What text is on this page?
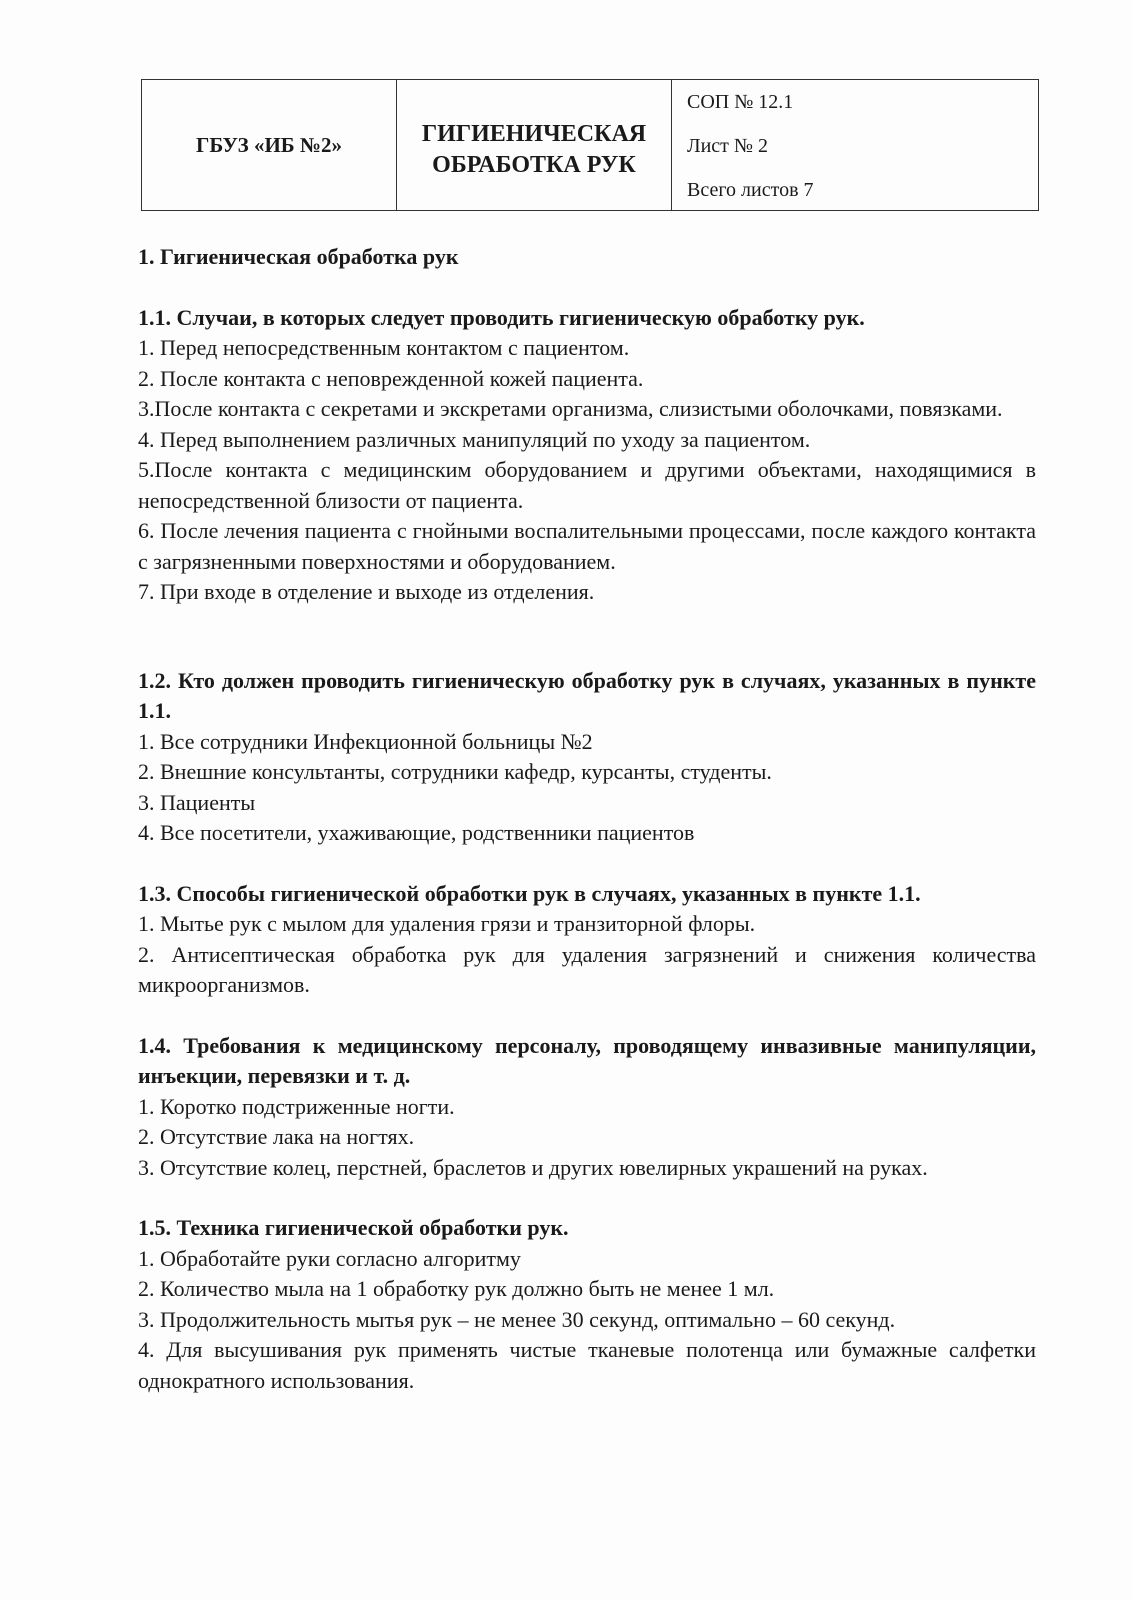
ГБУЗ «ИБ №2»	ГИГИЕНИЧЕСКАЯ
ОБРАБОТКА РУК
СОП № 12.1
Лист № 2
Всего листов 7

1. Гигиеническая обработка рук

1.1. Случаи, в которых следует проводить гигиеническую обработку рук.

1. Перед непосредственным контактом с пациентом.

2. После контакта с неповрежденной кожей пациента.

3.После контакта с секретами и экскретами организма, слизистыми оболочками, повязками.

4. Перед выполнением различных манипуляций по уходу за пациентом.

5.После контакта с медицинским оборудованием и другими объектами, находящимися в непосредственной близости от пациента.

6. После лечения пациента с гнойными воспалительными процессами, после каждого контакта с загрязненными поверхностями и оборудованием.

7. При входе в отделение и выходе из отделения.

1.2. Кто должен проводить гигиеническую обработку рук в случаях, указанных в пункте 1.1.

1. Все сотрудники Инфекционной больницы №2

2. Внешние консультанты, сотрудники кафедр, курсанты, студенты.

3. Пациенты

4. Все посетители, ухаживающие, родственники пациентов

1.3. Способы гигиенической обработки рук в случаях, указанных в пункте 1.1.

1. Мытье рук с мылом для удаления грязи и транзиторной флоры.

2. Антисептическая обработка рук для удаления загрязнений и снижения количества микроорганизмов.

1.4. Требования к медицинскому персоналу, проводящему инвазивные манипуляции, инъекции, перевязки и т. д.

1. Коротко подстриженные ногти.

2. Отсутствие лака на ногтях.

3. Отсутствие колец, перстней, браслетов и других ювелирных украшений на руках.

1.5. Техника гигиенической обработки рук.

1. Обработайте руки согласно алгоритму

2. Количество мыла на 1 обработку рук должно быть не менее 1 мл.

3. Продолжительность мытья рук – не менее 30 секунд, оптимально – 60 секунд.

4. Для высушивания рук применять чистые тканевые полотенца или бумажные салфетки однократного использования.
